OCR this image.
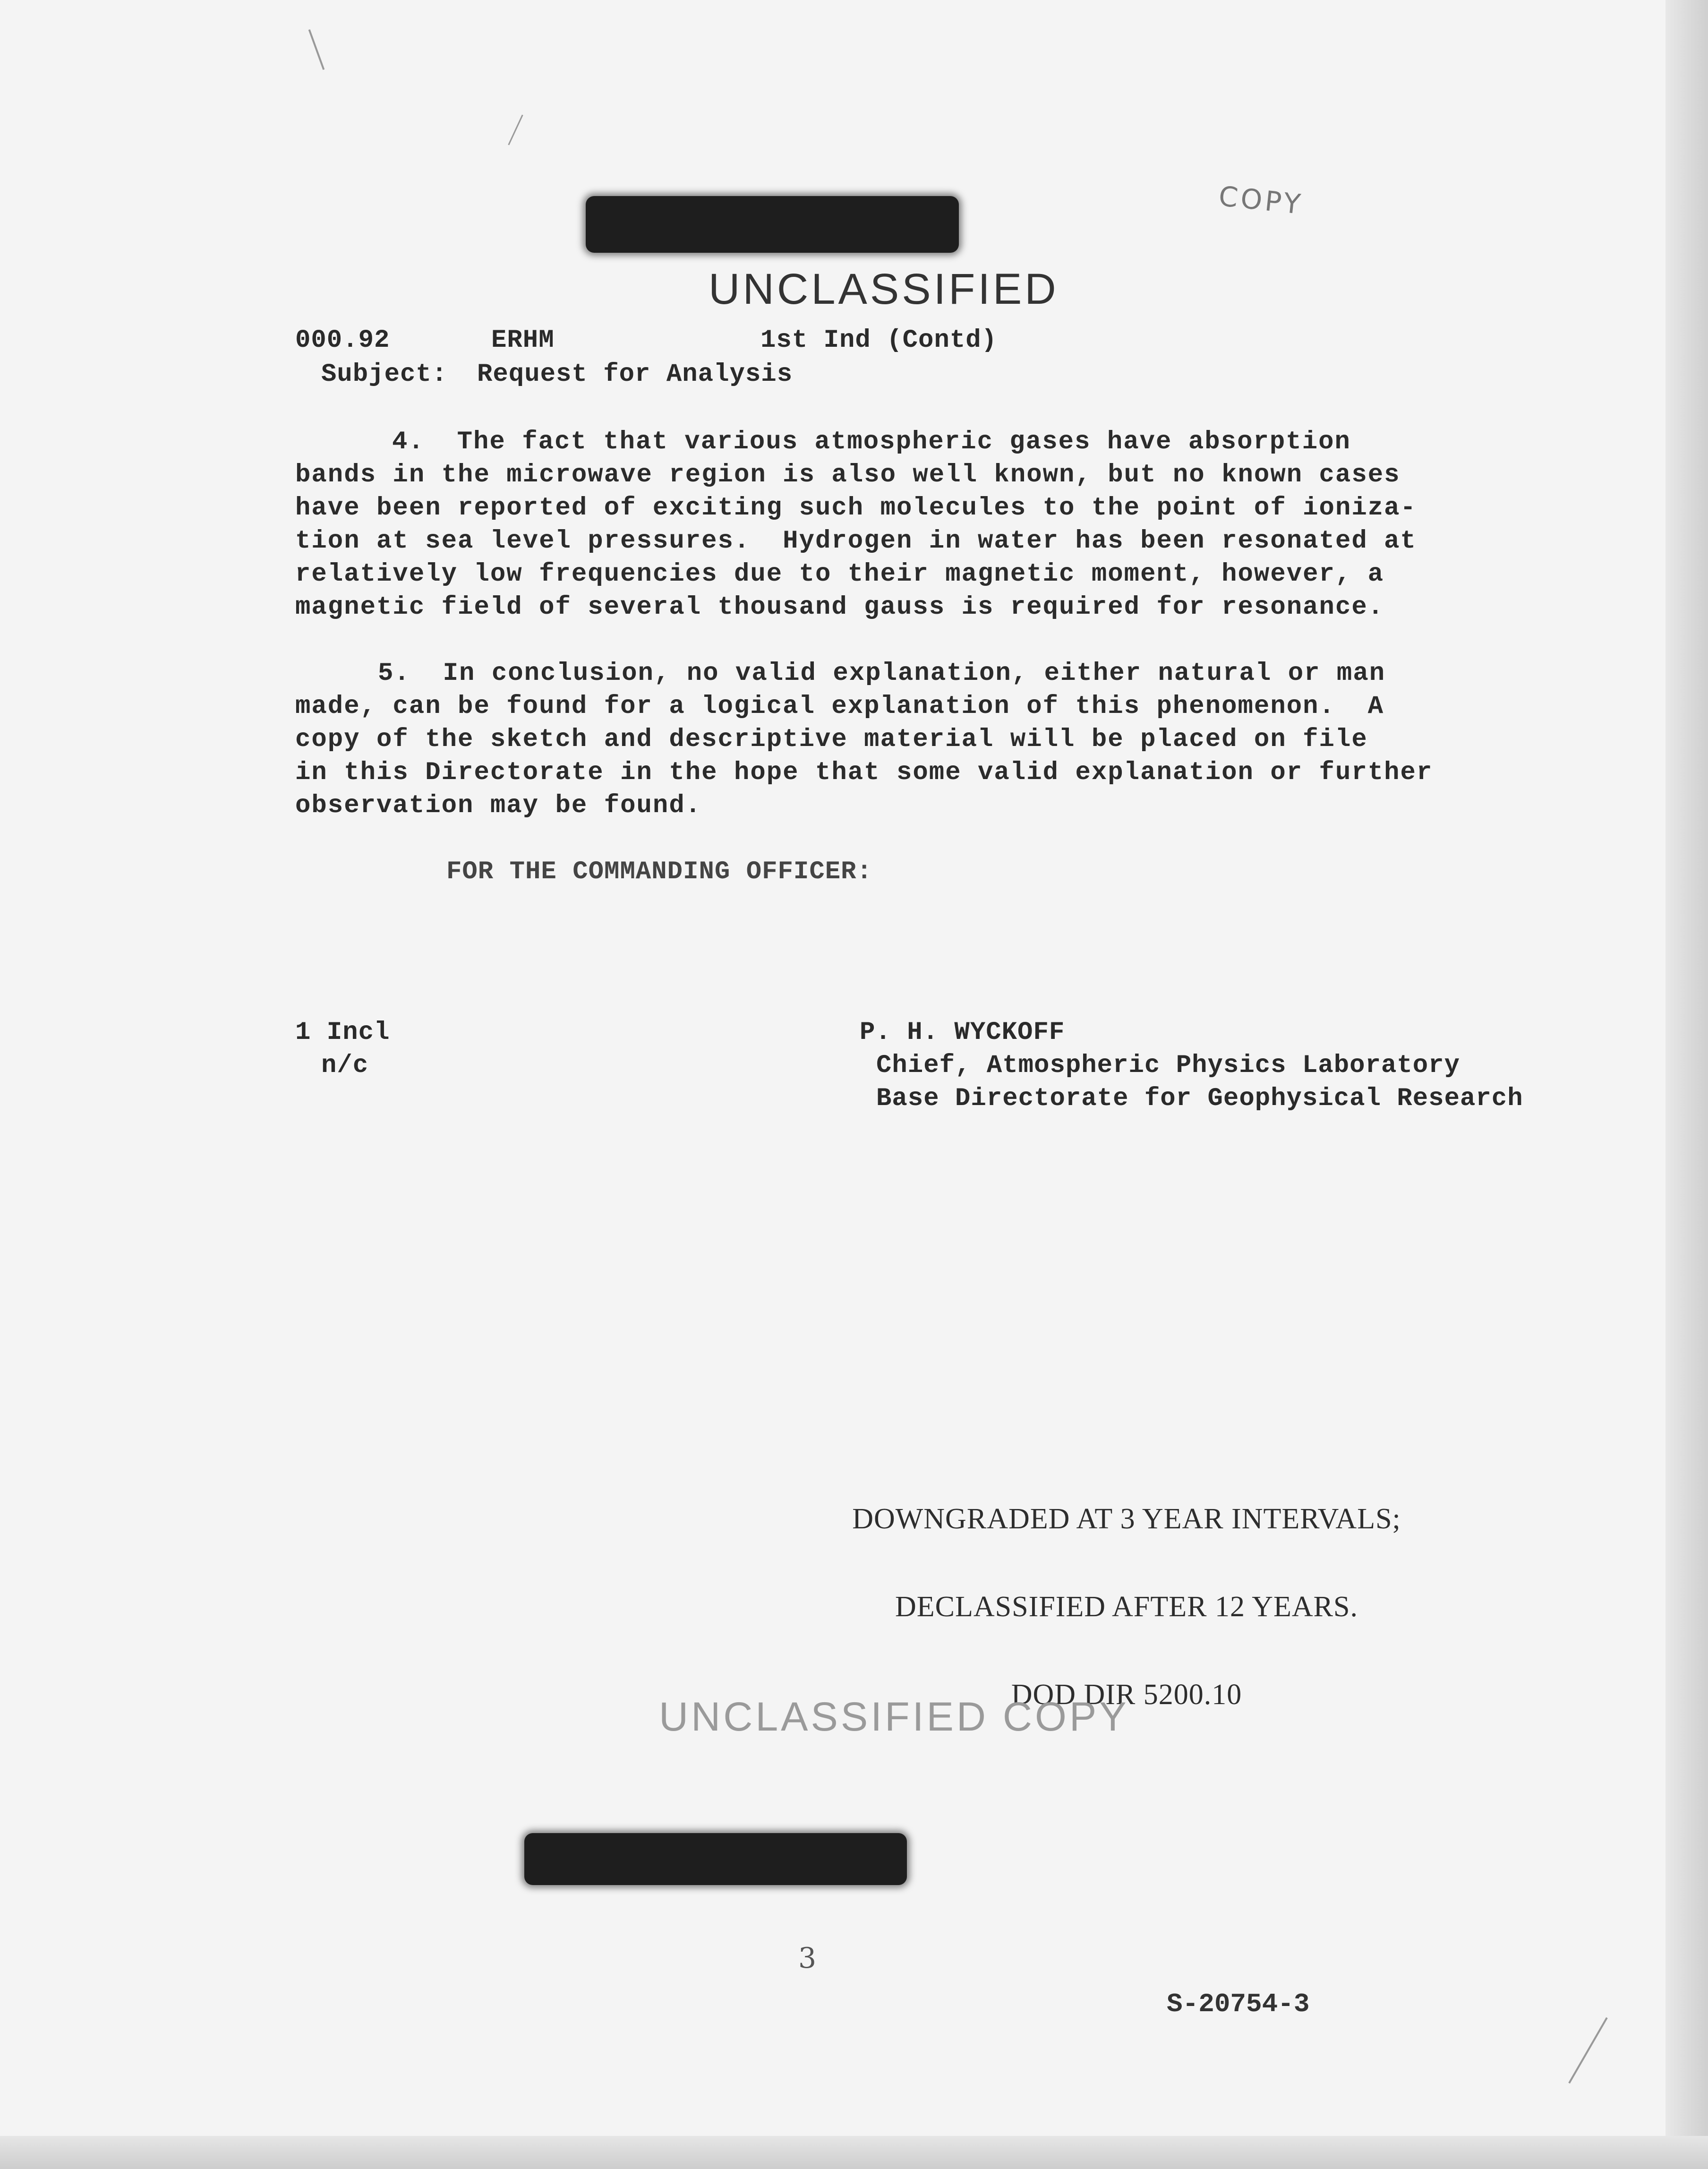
COPY
UNCLASSIFIED
000.92	ERHM	1st Ind (Contd)
Subject: Request for Analysis
4.  The fact that various atmospheric gases have absorption
bands in the microwave region is also well known, but no known cases
have been reported of exciting such molecules to the point of ioniza-
tion at sea level pressures.  Hydrogen in water has been resonated at
relatively low frequencies due to their magnetic moment, however, a
magnetic field of several thousand gauss is required for resonance.
5.  In conclusion, no valid explanation, either natural or man
made, can be found for a logical explanation of this phenomenon.  A
copy of the sketch and descriptive material will be placed on file
in this Directorate in the hope that some valid explanation or further
observation may be found.
FOR THE COMMANDING OFFICER:
1 Incl
n/c
P. H. WYCKOFF
Chief, Atmospheric Physics Laboratory
Base Directorate for Geophysical Research

DOWNGRADED AT 3 YEAR INTERVALS;

DECLASSIFIED AFTER 12 YEARS.

DOD DIR 5200.10

UNCLASSIFIED COPY
3
S-20754-3
